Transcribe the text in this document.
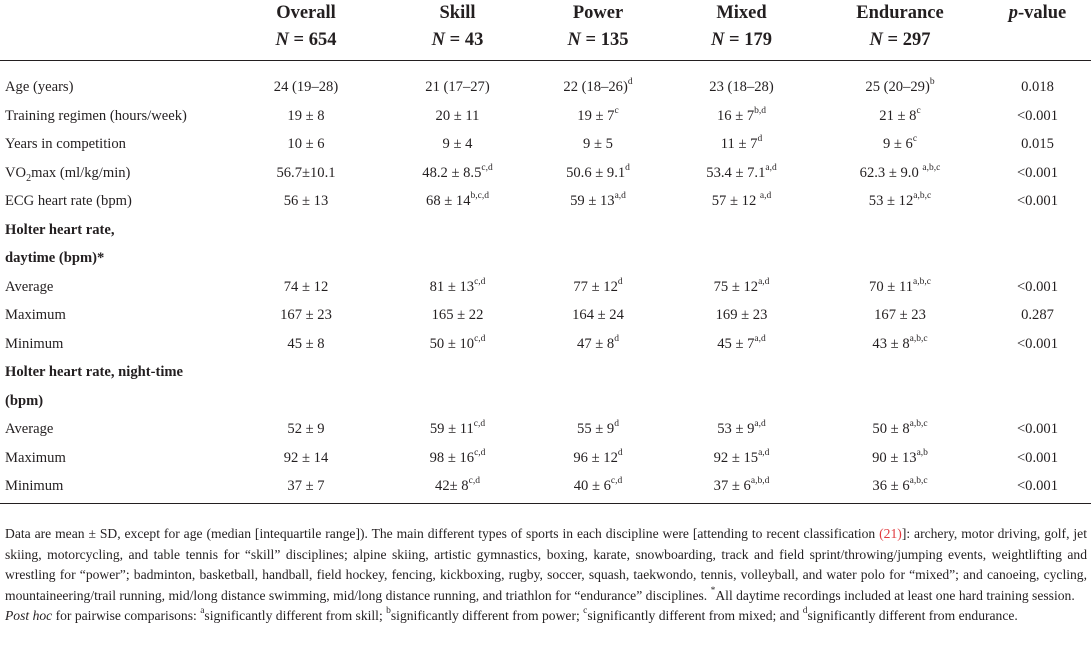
	Overall	Skill	Power	Mixed	Endurance	p-value
	N = 654	N = 43	N = 135	N = 179	N = 297	

Age (years)	24 (19–28)	21 (17–27)	22 $(18-26)^d$	23 (18–28)	25 $(20-29)^b$	0.018
Training regimen (hours/week)	19 ± 8	20 ± 11	$19 \pm 7^c$	$16 \pm 7^{b,d}$	$21 \pm 8^c$	<0.001
Years in competition	10 ± 6	9 ± 4	9 ± 5	$11 \pm 7^d$	$9 \pm 6^c$	0.015
$VO_2\max$ (ml/kg/min)	56.7±10.1	$48.2 \pm 8.5^{c,d}$	50.6 ± 9.1$^d$	$53.4 \pm 7.1^{a,d}$	62.3 ± 9.0 $^{a,b,c}$	<0.001
ECG heart rate (bpm)	56 ± 13	$68 \pm 14^{b,c,d}$	$59 \pm 13^{a,d}$	57 ± 12 $^{a,d}$	$53 \pm 12^{a,b,c}$	<0.001
Holter heart rate,						
daytime (bpm)*						
Average	74 ± 12	$81 \pm 13^{c,d}$	$77 \pm 12^d$	$75 \pm 12^{a,d}$	$70 \pm 11^{a,b,c}$	<0.001
Maximum	167 ± 23	165 ± 22	164 ± 24	169 ± 23	167 ± 23	0.287
Minimum	45 ± 8	$50 \pm 10^{c,d}$	$47 \pm 8^d$	$45 \pm 7^{a,d}$	$43 \pm 8^{a,b,c}$	<0.001
Holter heart rate, night-time						
(bpm)						
Average	52 ± 9	$59 \pm 11^{c,d}$	$55 \pm 9^d$	$53 \pm 9^{a,d}$	$50 \pm 8^{a,b,c}$	<0.001
Maximum	92 ± 14	$98 \pm 16^{c,d}$	$96 \pm 12^d$	$92 \pm 15^{a,d}$	$90 \pm 13^{a,b}$	<0.001
Minimum	37 ± 7	$42\pm 8^{c,d}$	$40 \pm 6^{c,d}$	$37 \pm 6^{a,b,d}$	$36 \pm 6^{a,b,c}$	<0.001

Data are mean ± SD, except for age (median [intequartile range]). The main different types of sports in each discipline were [attending to recent classification (21)]: archery, motor driving, golf, jet skiing, motorcycling, and table tennis for “skill” disciplines; alpine skiing, artistic gymnastics, boxing, karate, snowboarding, track and field sprint/throwing/jumping events, weightlifting and wrestling for “power”; badminton, basketball, handball, field hockey, fencing, kickboxing, rugby, soccer, squash, taekwondo, tennis, volleyball, and water polo for “mixed”; and canoeing, cycling, mountaineering/trail running, mid/long distance swimming, mid/long distance running, and triathlon for “endurance” disciplines. *All daytime recordings included at least one hard training session.

Post hoc for pairwise comparisons: $^a$significantly different from skill; $^b$significantly different from power; $^c$significantly different from mixed; and $^d$significantly different from endurance.
